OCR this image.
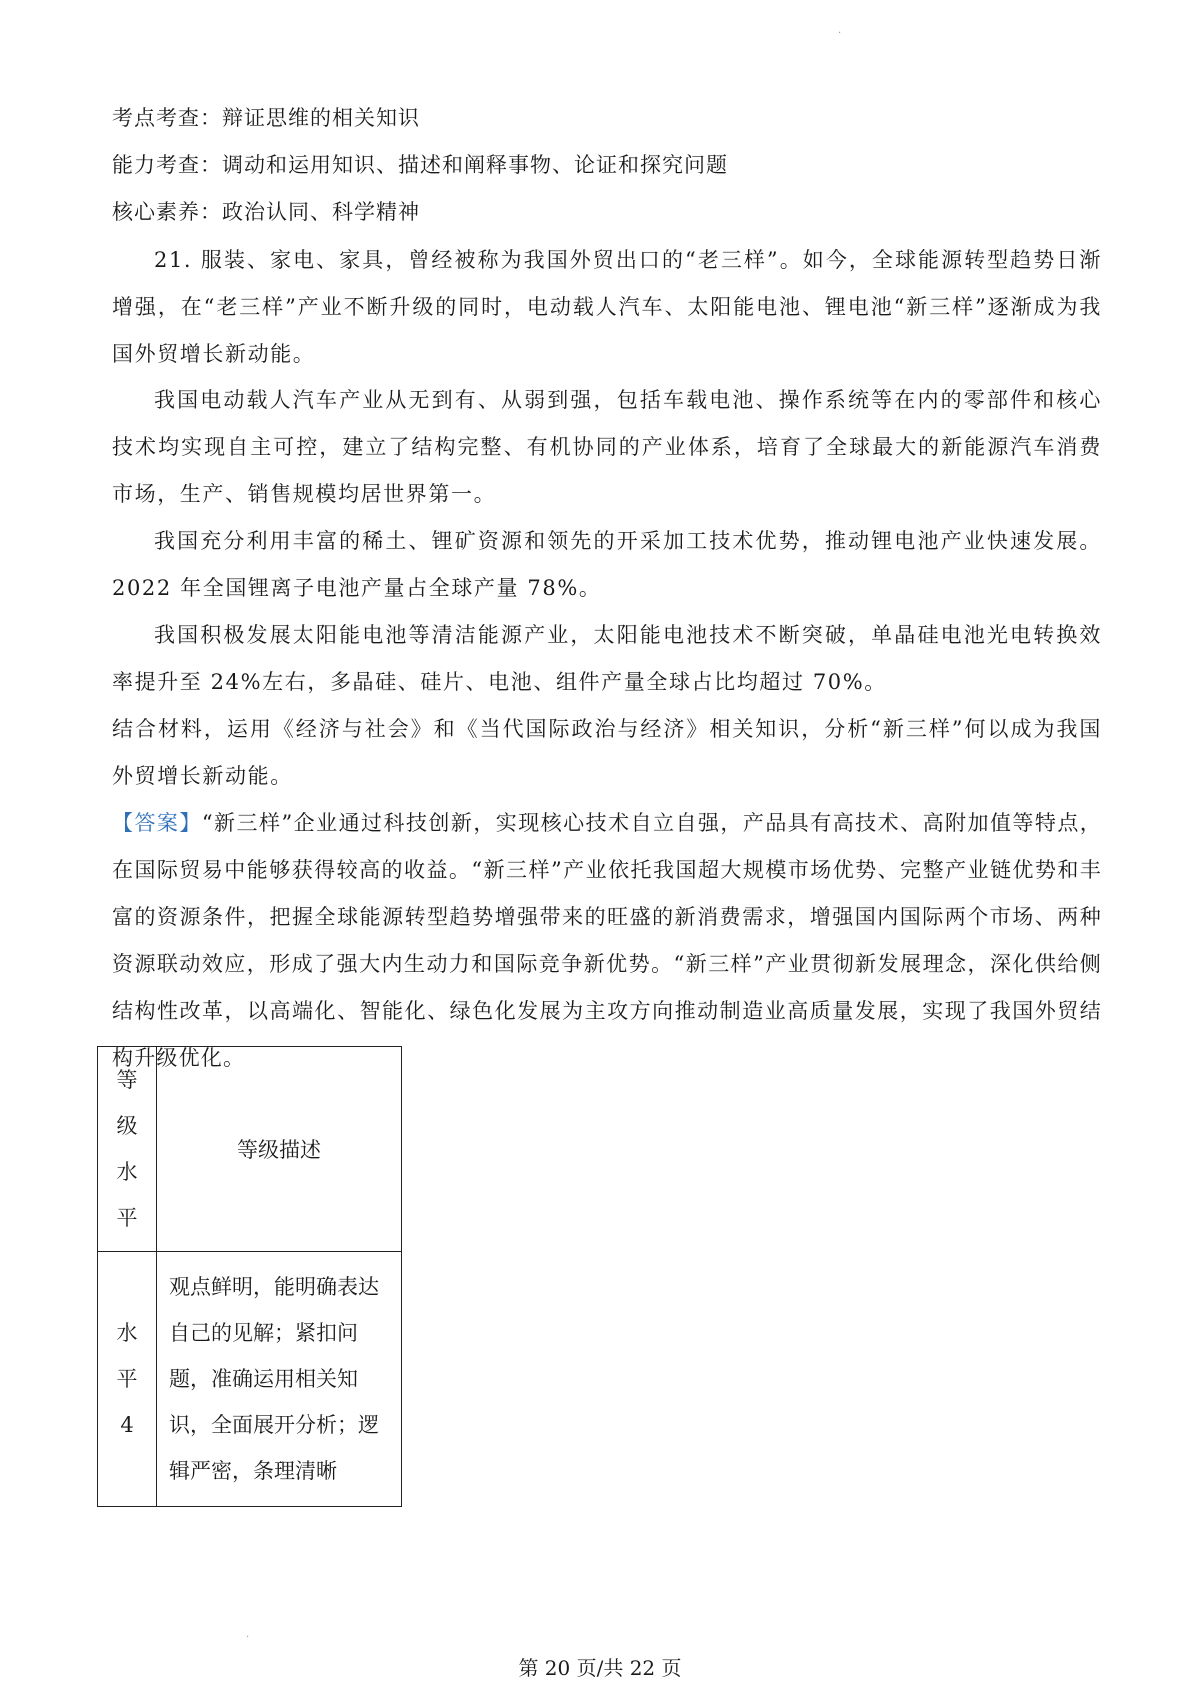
·
考点考查：辩证思维的相关知识
能力考查：调动和运用知识、描述和阐释事物、论证和探究问题
核心素养：政治认同、科学精神

21. 服装、家电、家具，曾经被称为我国外贸出口的“老三样”。如今，全球能源转型趋势日渐增强，在“老三样”产业不断升级的同时，电动载人汽车、太阳能电池、锂电池“新三样”逐渐成为我国外贸增长新动能。

我国电动载人汽车产业从无到有、从弱到强，包括车载电池、操作系统等在内的零部件和核心技术均实现自主可控，建立了结构完整、有机协同的产业体系，培育了全球最大的新能源汽车消费市场，生产、销售规模均居世界第一。

我国充分利用丰富的稀土、锂矿资源和领先的开采加工技术优势，推动锂电池产业快速发展。2022 年全国锂离子电池产量占全球产量 78%。

我国积极发展太阳能电池等清洁能源产业，太阳能电池技术不断突破，单晶硅电池光电转换效率提升至 24%左右，多晶硅、硅片、电池、组件产量全球占比均超过 70%。

结合材料，运用《经济与社会》和《当代国际政治与经济》相关知识，分析“新三样”何以成为我国外贸增长新动能。

【答案】“新三样”企业通过科技创新，实现核心技术自立自强，产品具有高技术、高附加值等特点，在国际贸易中能够获得较高的收益。“新三样”产业依托我国超大规模市场优势、完整产业链优势和丰富的资源条件，把握全球能源转型趋势增强带来的旺盛的新消费需求，增强国内国际两个市场、两种资源联动效应，形成了强大内生动力和国际竞争新优势。“新三样”产业贯彻新发展理念，深化供给侧结构性改革，以高端化、智能化、绿色化发展为主攻方向推动制造业高质量发展，实现了我国外贸结构升级优化。

等级水平	等级描述
水平4	观点鲜明，能明确表达自己的见解；紧扣问题，准确运用相关知识，全面展开分析；逻辑严密，条理清晰
·
第 20 页/共 22 页
